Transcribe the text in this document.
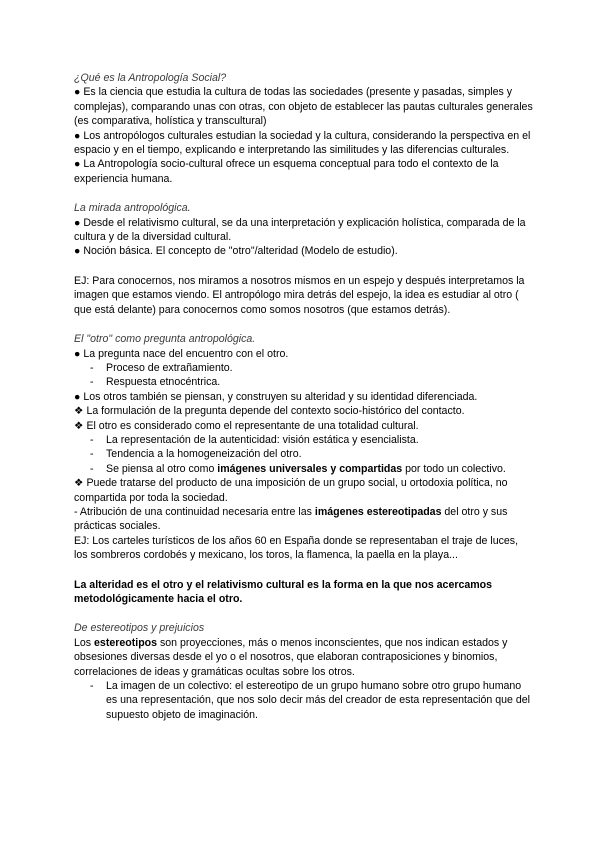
¿Qué es la Antropología Social?

● Es la ciencia que estudia la cultura de todas las sociedades (presente y pasadas, simples y complejas), comparando unas con otras, con objeto de establecer las pautas culturales generales (es comparativa, holística y transcultural)

● Los antropólogos culturales estudian la sociedad y la cultura, considerando la perspectiva en el espacio y en el tiempo, explicando e interpretando las similitudes y las diferencias culturales.

● La Antropología socio-cultural ofrece un esquema conceptual para todo el contexto de la experiencia humana.

La mirada antropológica.

● Desde el relativismo cultural, se da una interpretación y explicación holística, comparada de la cultura y de la diversidad cultural.

● Noción básica. El concepto de "otro"/alteridad (Modelo de estudio).

EJ: Para conocernos, nos miramos a nosotros mismos en un espejo y después interpretamos la imagen que estamos viendo. El antropólogo mira detrás del espejo, la idea es estudiar al otro ( que está delante) para conocernos como somos nosotros (que estamos detrás).

El "otro" como pregunta antropológica.

● La pregunta nace del encuentro con el otro.

- Proceso de extrañamiento.

- Respuesta etnocéntrica.

● Los otros también se piensan, y construyen su alteridad y su identidad diferenciada.

❖ La formulación de la pregunta depende del contexto socio-histórico del contacto.

❖ El otro es considerado como el representante de una totalidad cultural.

- La representación de la autenticidad: visión estática y esencialista.

- Tendencia a la homogeneización del otro.

- Se piensa al otro como imágenes universales y compartidas por todo un colectivo.

❖ Puede tratarse del producto de una imposición de un grupo social, u ortodoxia política, no compartida por toda la sociedad.

- Atribución de una continuidad necesaria entre las imágenes estereotipadas del otro y sus prácticas sociales.

EJ: Los carteles turísticos de los años 60 en España donde se representaban el traje de luces, los sombreros cordobés y mexicano, los toros, la flamenca, la paella en la playa...

La alteridad es el otro y el relativismo cultural es la forma en la que nos acercamos metodológicamente hacia el otro.

De estereotipos y prejuicios

Los estereotipos son proyecciones, más o menos inconscientes, que nos indican estados y obsesiones diversas desde el yo o el nosotros, que elaboran contraposiciones y binomios, correlaciones de ideas y gramáticas ocultas sobre los otros.

- La imagen de un colectivo: el estereotipo de un grupo humano sobre otro grupo humano es una representación, que nos solo decir más del creador de esta representación que del supuesto objeto de imaginación.
